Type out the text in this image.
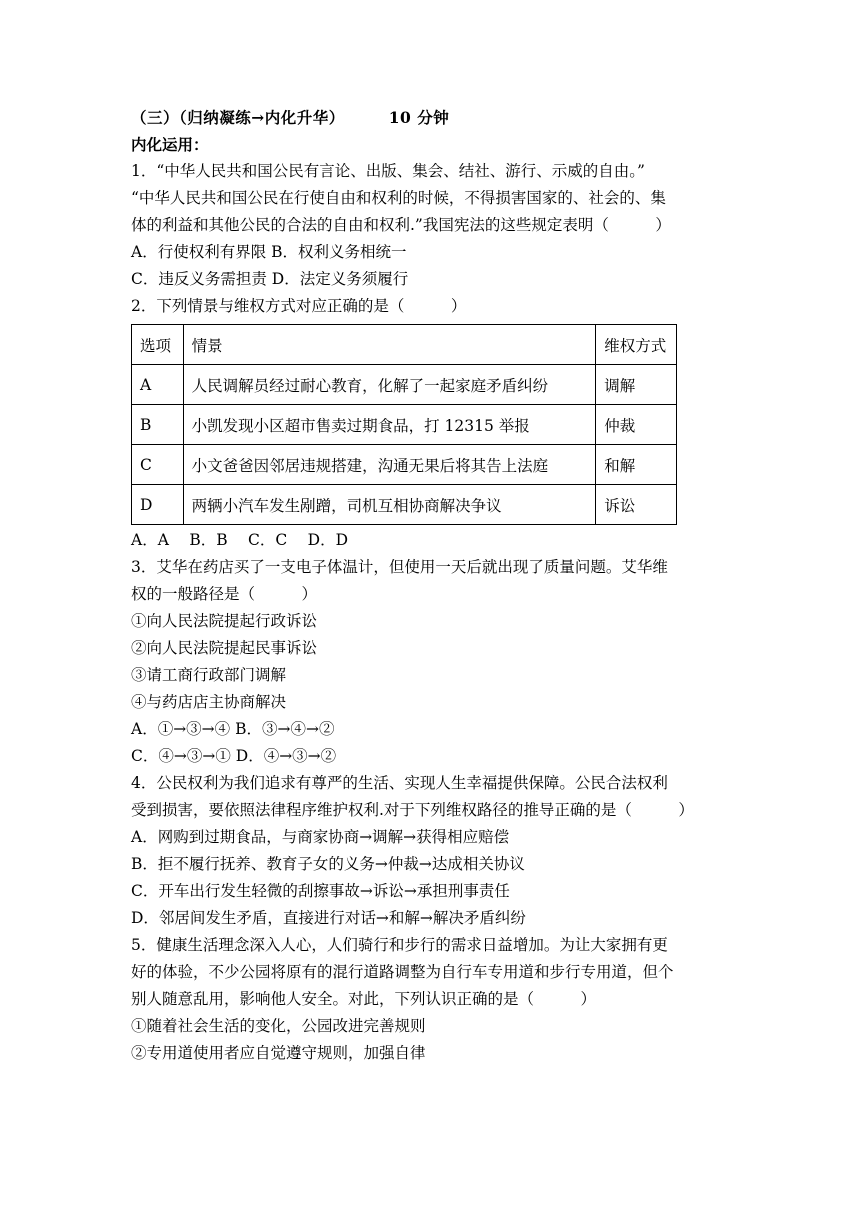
（三）（归纳凝练→内化升华）	10 分钟
内化运用：
1．“中华人民共和国公民有言论、出版、集会、结社、游行、示威的自由。”
“中华人民共和国公民在行使自由和权利的时候，不得损害国家的、社会的、集
体的利益和其他公民的合法的自由和权利.”我国宪法的这些规定表明（　　　）
A．行使权利有界限 B．权利义务相统一
C．违反义务需担责 D．法定义务须履行
2．下列情景与维权方式对应正确的是（　　　）
选项	情景	维权方式
A	人民调解员经过耐心教育，化解了一起家庭矛盾纠纷	调解
B	小凯发现小区超市售卖过期食品，打 12315 举报	仲裁
C	小文爸爸因邻居违规搭建，沟通无果后将其告上法庭	和解
D	两辆小汽车发生剐蹭，司机互相协商解决争议	诉讼
A．A　 B．B　 C．C　 D．D
3．艾华在药店买了一支电子体温计，但使用一天后就出现了质量问题。艾华维
权的一般路径是（　　　）
①向人民法院提起行政诉讼
②向人民法院提起民事诉讼
③请工商行政部门调解
④与药店店主协商解决
A．①→③→④ B．③→④→②
C．④→③→① D．④→③→②
4．公民权利为我们追求有尊严的生活、实现人生幸福提供保障。公民合法权利
受到损害，要依照法律程序维护权利.对于下列维权路径的推导正确的是（　　　）
A．网购到过期食品，与商家协商→调解→获得相应赔偿
B．拒不履行抚养、教育子女的义务→仲裁→达成相关协议
C．开车出行发生轻微的刮擦事故→诉讼→承担刑事责任
D．邻居间发生矛盾，直接进行对话→和解→解决矛盾纠纷
5．健康生活理念深入人心，人们骑行和步行的需求日益增加。为让大家拥有更
好的体验，不少公园将原有的混行道路调整为自行车专用道和步行专用道，但个
别人随意乱用，影响他人安全。对此，下列认识正确的是（　　　）
①随着社会生活的变化，公园改进完善规则
②专用道使用者应自觉遵守规则，加强自律
